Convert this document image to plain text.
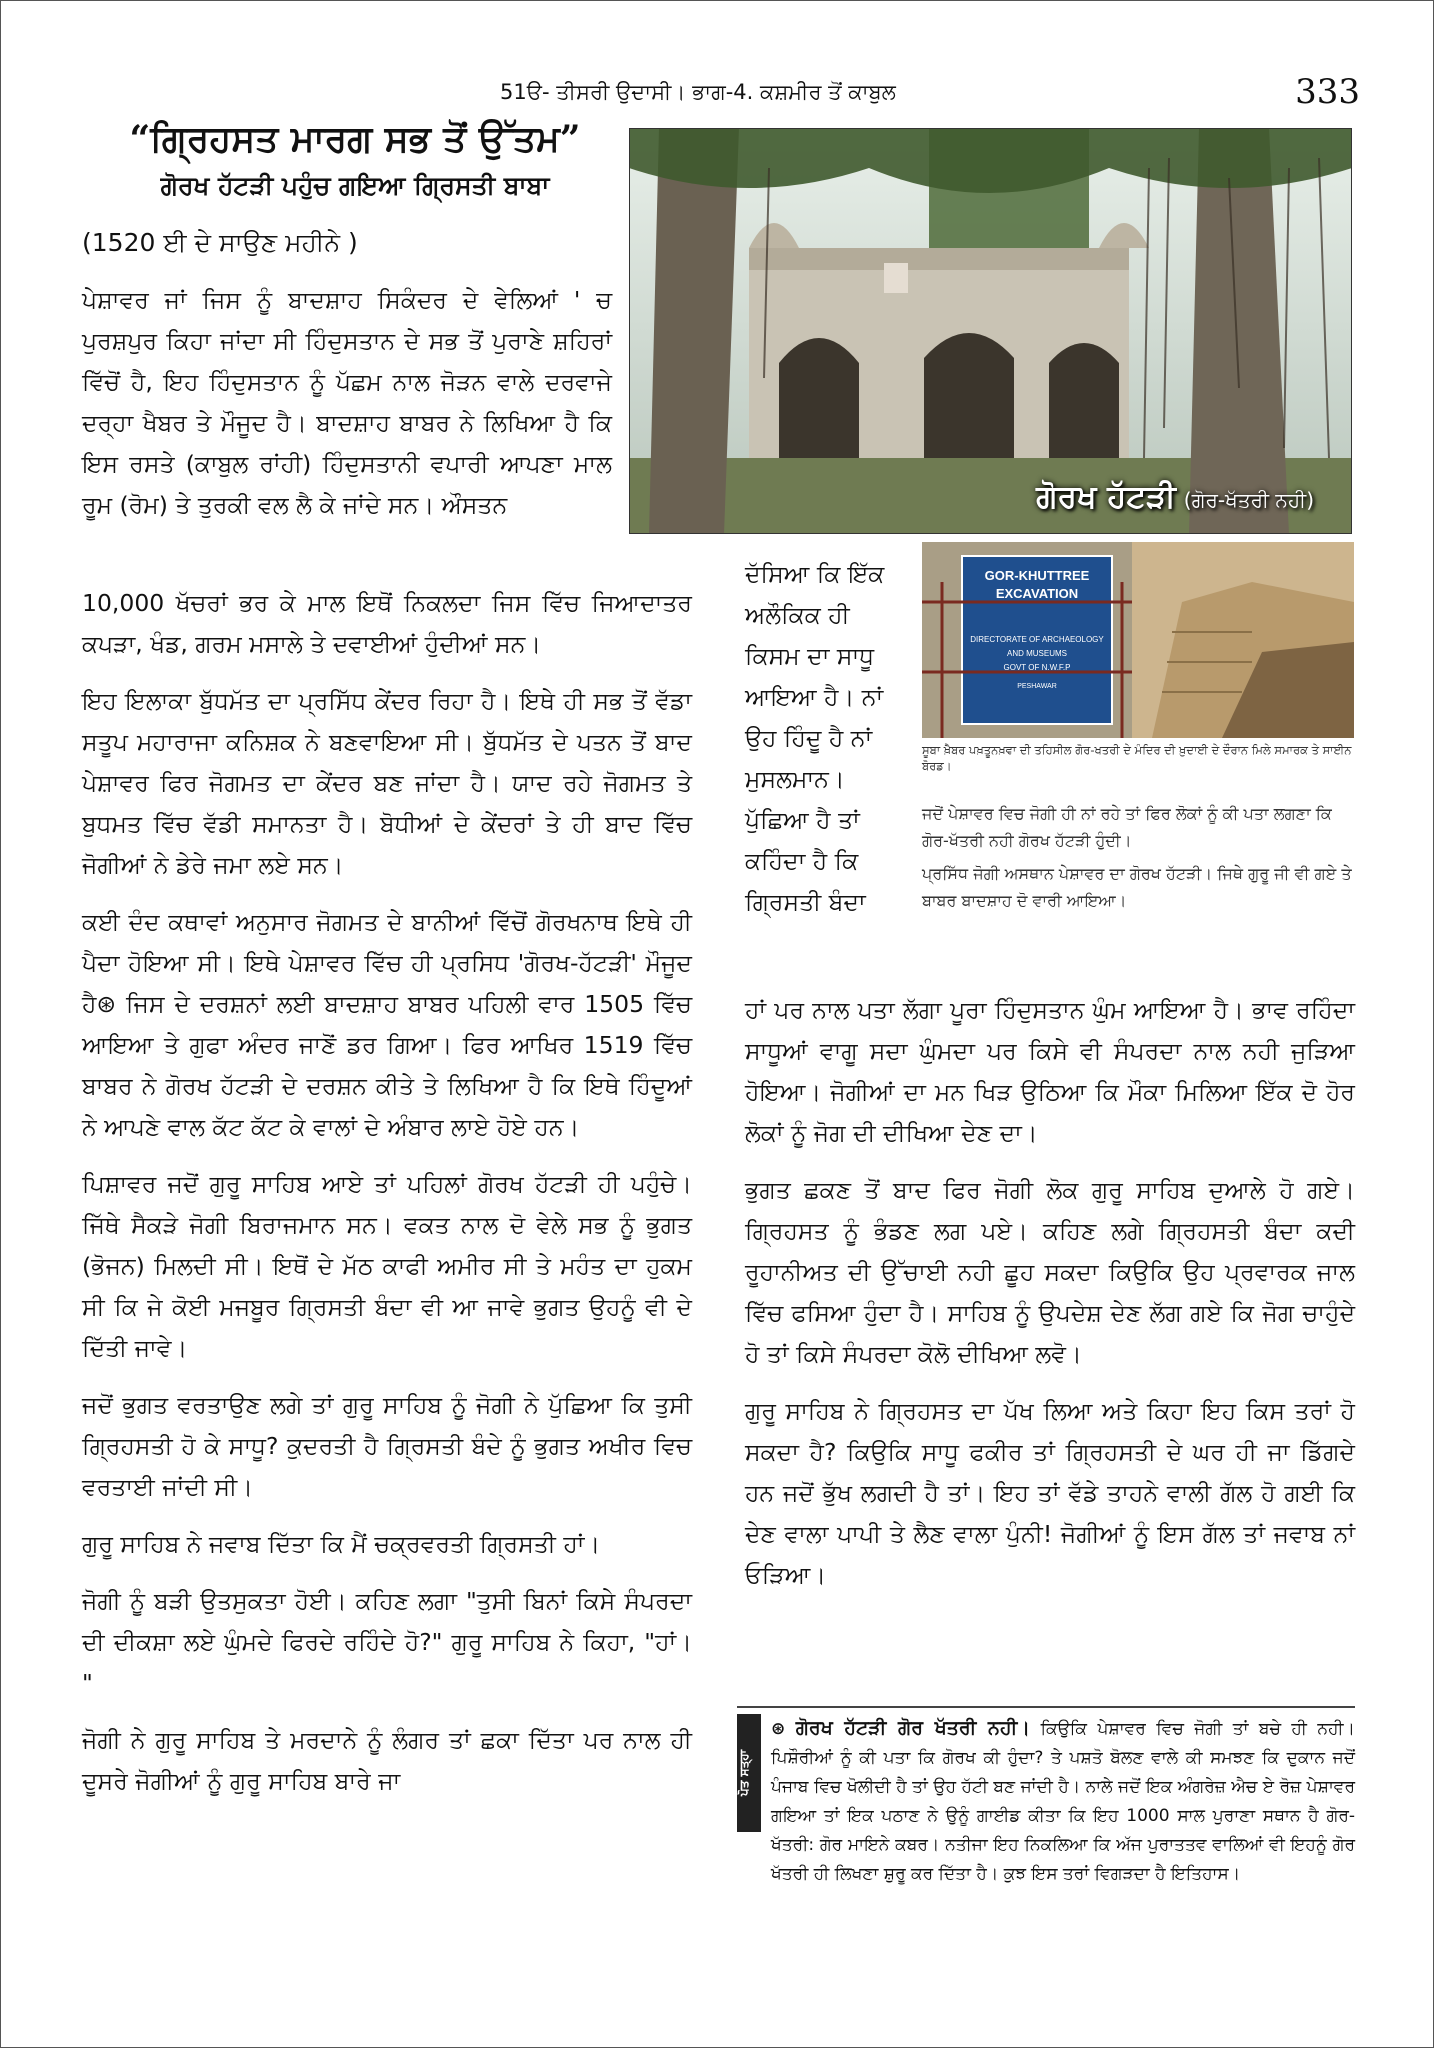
51ੳ- ਤੀਸਰੀ ਉਦਾਸੀ। ਭਾਗ-4. ਕਸ਼ਮੀਰ ਤੋਂ ਕਾਬੁਲ	333
“ਗ੍ਰਿਹਸਤ ਮਾਰਗ ਸਭ ਤੋਂ ਉੱਤਮ”
ਗੋਰਖ ਹੱਟੜੀ ਪਹੁੰਚ ਗਇਆ ਗ੍ਰਿਸਤੀ ਬਾਬਾ

(1520 ਈ ਦੇ ਸਾਉਣ ਮਹੀਨੇ )

ਪੇਸ਼ਾਵਰ ਜਾਂ ਜਿਸ ਨੂੰ ਬਾਦਸ਼ਾਹ ਸਿਕੰਦਰ ਦੇ ਵੇਲਿਆਂ ' ਚ ਪੁਰਸ਼ਪੁਰ ਕਿਹਾ ਜਾਂਦਾ ਸੀ ਹਿੰਦੁਸਤਾਨ ਦੇ ਸਭ ਤੋਂ ਪੁਰਾਣੇ ਸ਼ਹਿਰਾਂ ਵਿੱਚੋਂ ਹੈ, ਇਹ ਹਿੰਦੁਸਤਾਨ ਨੂੰ ਪੱਛਮ ਨਾਲ ਜੋੜਨ ਵਾਲੇ ਦਰਵਾਜੇ ਦਰ੍ਹਾ ਖੈਬਰ ਤੇ ਮੌਜੂਦ ਹੈ। ਬਾਦਸ਼ਾਹ ਬਾਬਰ ਨੇ ਲਿਖਿਆ ਹੈ ਕਿ ਇਸ ਰਸਤੇ (ਕਾਬੁਲ ਰਾਂਹੀ) ਹਿੰਦੁਸਤਾਨੀ ਵਪਾਰੀ ਆਪਣਾ ਮਾਲ ਰੂਮ (ਰੋਮ) ਤੇ ਤੁਰਕੀ ਵਲ ਲੈ ਕੇ ਜਾਂਦੇ ਸਨ। ਔਸਤਨ

10,000 ਖੱਚਰਾਂ ਭਰ ਕੇ ਮਾਲ ਇਥੋਂ ਨਿਕਲਦਾ ਜਿਸ ਵਿੱਚ ਜਿਆਦਾਤਰ ਕਪੜਾ, ਖੰਡ, ਗਰਮ ਮਸਾਲੇ ਤੇ ਦਵਾਈਆਂ ਹੁੰਦੀਆਂ ਸਨ।

ਇਹ ਇਲਾਕਾ ਬੁੱਧਮੱਤ ਦਾ ਪ੍ਰਸਿੱਧ ਕੇਂਦਰ ਰਿਹਾ ਹੈ। ਇਥੇ ਹੀ ਸਭ ਤੋਂ ਵੱਡਾ ਸਤੂਪ ਮਹਾਰਾਜਾ ਕਨਿਸ਼ਕ ਨੇ ਬਣਵਾਇਆ ਸੀ। ਬੁੱਧਮੱਤ ਦੇ ਪਤਨ ਤੋਂ ਬਾਦ ਪੇਸ਼ਾਵਰ ਫਿਰ ਜੋਗਮਤ ਦਾ ਕੇਂਦਰ ਬਣ ਜਾਂਦਾ ਹੈ। ਯਾਦ ਰਹੇ ਜੋਗਮਤ ਤੇ ਬੁਧਮਤ ਵਿੱਚ ਵੱਡੀ ਸਮਾਨਤਾ ਹੈ। ਬੋਧੀਆਂ ਦੇ ਕੇਂਦਰਾਂ ਤੇ ਹੀ ਬਾਦ ਵਿੱਚ ਜੋਗੀਆਂ ਨੇ ਡੇਰੇ ਜਮਾ ਲਏ ਸਨ।

ਕਈ ਦੰਦ ਕਥਾਵਾਂ ਅਨੁਸਾਰ ਜੋਗਮਤ ਦੇ ਬਾਨੀਆਂ ਵਿੱਚੋਂ ਗੋਰਖਨਾਥ ਇਥੇ ਹੀ ਪੈਦਾ ਹੋਇਆ ਸੀ। ਇਥੇ ਪੇਸ਼ਾਵਰ ਵਿੱਚ ਹੀ ਪ੍ਰਸਿਧ 'ਗੋਰਖ-ਹੱਟੜੀ' ਮੌਜੂਦ ਹੈ⊛ ਜਿਸ ਦੇ ਦਰਸ਼ਨਾਂ ਲਈ ਬਾਦਸ਼ਾਹ ਬਾਬਰ ਪਹਿਲੀ ਵਾਰ 1505 ਵਿੱਚ ਆਇਆ ਤੇ ਗੁਫਾ ਅੰਦਰ ਜਾਣੋਂ ਡਰ ਗਿਆ। ਫਿਰ ਆਖਿਰ 1519 ਵਿੱਚ ਬਾਬਰ ਨੇ ਗੋਰਖ ਹੱਟੜੀ ਦੇ ਦਰਸ਼ਨ ਕੀਤੇ ਤੇ ਲਿਖਿਆ ਹੈ ਕਿ ਇਥੇ ਹਿੰਦੂਆਂ ਨੇ ਆਪਣੇ ਵਾਲ ਕੱਟ ਕੱਟ ਕੇ ਵਾਲਾਂ ਦੇ ਅੰਬਾਰ ਲਾਏ ਹੋਏ ਹਨ।

ਪਿਸ਼ਾਵਰ ਜਦੋਂ ਗੁਰੂ ਸਾਹਿਬ ਆਏ ਤਾਂ ਪਹਿਲਾਂ ਗੋਰਖ ਹੱਟੜੀ ਹੀ ਪਹੁੰਚੇ। ਜਿੱਥੇ ਸੈਕੜੇ ਜੋਗੀ ਬਿਰਾਜਮਾਨ ਸਨ। ਵਕਤ ਨਾਲ ਦੋ ਵੇਲੇ ਸਭ ਨੂੰ ਭੁਗਤ (ਭੋਜਨ) ਮਿਲਦੀ ਸੀ। ਇਥੋਂ ਦੇ ਮੱਠ ਕਾਫੀ ਅਮੀਰ ਸੀ ਤੇ ਮਹੰਤ ਦਾ ਹੁਕਮ ਸੀ ਕਿ ਜੇ ਕੋਈ ਮਜਬੂਰ ਗ੍ਰਿਸਤੀ ਬੰਦਾ ਵੀ ਆ ਜਾਵੇ ਭੁਗਤ ਉਹਨੂੰ ਵੀ ਦੇ ਦਿੱਤੀ ਜਾਵੇ।

ਜਦੋਂ ਭੁਗਤ ਵਰਤਾਉਣ ਲਗੇ ਤਾਂ ਗੁਰੂ ਸਾਹਿਬ ਨੂੰ ਜੋਗੀ ਨੇ ਪੁੱਛਿਆ ਕਿ ਤੁਸੀ ਗ੍ਰਿਹਸਤੀ ਹੋ ਕੇ ਸਾਧੂ? ਕੁਦਰਤੀ ਹੈ ਗ੍ਰਿਸਤੀ ਬੰਦੇ ਨੂੰ ਭੁਗਤ ਅਖੀਰ ਵਿਚ ਵਰਤਾਈ ਜਾਂਦੀ ਸੀ।

ਗੁਰੂ ਸਾਹਿਬ ਨੇ ਜਵਾਬ ਦਿੱਤਾ ਕਿ ਮੈਂ ਚਕ੍ਰਵਰਤੀ ਗ੍ਰਿਸਤੀ ਹਾਂ।

ਜੋਗੀ ਨੂੰ ਬੜੀ ਉਤਸੁਕਤਾ ਹੋਈ। ਕਹਿਣ ਲਗਾ "ਤੁਸੀ ਬਿਨਾਂ ਕਿਸੇ ਸੰਪਰਦਾ ਦੀ ਦੀਕਸ਼ਾ ਲਏ ਘੁੰਮਦੇ ਫਿਰਦੇ ਰਹਿੰਦੇ ਹੋ?" ਗੁਰੂ ਸਾਹਿਬ ਨੇ ਕਿਹਾ, "ਹਾਂ। "

ਜੋਗੀ ਨੇ ਗੁਰੂ ਸਾਹਿਬ ਤੇ ਮਰਦਾਨੇ ਨੂੰ ਲੰਗਰ ਤਾਂ ਛਕਾ ਦਿੱਤਾ ਪਰ ਨਾਲ ਹੀ ਦੂਸਰੇ ਜੋਗੀਆਂ ਨੂੰ ਗੁਰੂ ਸਾਹਿਬ ਬਾਰੇ ਜਾ

ਗੋਰਖ ਹੱਟੜੀ (ਗੋਰ-ਖੱਤਰੀ ਨਹੀ)

ਦੱਸਿਆ ਕਿ ਇੱਕ ਅਲੌਕਿਕ ਹੀ ਕਿਸਮ ਦਾ ਸਾਧੂ ਆਇਆ ਹੈ। ਨਾਂ ਉਹ ਹਿੰਦੂ ਹੈ ਨਾਂ ਮੁਸਲਮਾਨ। ਪੁੱਛਿਆ ਹੈ ਤਾਂ ਕਹਿੰਦਾ ਹੈ ਕਿ ਗ੍ਰਿਸਤੀ ਬੰਦਾ

GOR-KHUTTREE
EXCAVATION
DIRECTORATE OF ARCHAEOLOGY
AND MUSEUMS
GOVT OF N.W.F.P
PESHAWAR
ਸੂਬਾ ਖ਼ੈਬਰ ਪਖ਼ਤੂਨਖ਼ਵਾ ਦੀ ਤਹਿਸੀਲ ਗੋਰ-ਖਤਰੀ ਦੇ ਮੰਦਿਰ ਦੀ ਖ਼ੁਦਾਈ ਦੇ ਦੌਰਾਨ ਮਿਲੇ ਸਮਾਰਕ ਤੇ ਸਾਈਨ ਬੋਰਡ।

ਜਦੋਂ ਪੇਸ਼ਾਵਰ ਵਿਚ ਜੋਗੀ ਹੀ ਨਾਂ ਰਹੇ ਤਾਂ ਫਿਰ ਲੋਕਾਂ ਨੂੰ ਕੀ ਪਤਾ ਲਗਣਾ ਕਿ ਗੋਰ-ਖੱਤਰੀ ਨਹੀ ਗੋਰਖ ਹੱਟੜੀ ਹੁੰਦੀ।

ਪ੍ਰਸਿੱਧ ਜੋਗੀ ਅਸਥਾਨ ਪੇਸ਼ਾਵਰ ਦਾ ਗੋਰਖ ਹੱਟੜੀ। ਜਿਥੇ ਗੁਰੂ ਜੀ ਵੀ ਗਏ ਤੇ ਬਾਬਰ ਬਾਦਸ਼ਾਹ ਦੋ ਵਾਰੀ ਆਇਆ।

ਹਾਂ ਪਰ ਨਾਲ ਪਤਾ ਲੱਗਾ ਪੂਰਾ ਹਿੰਦੁਸਤਾਨ ਘੁੰਮ ਆਇਆ ਹੈ। ਭਾਵ ਰਹਿੰਦਾ ਸਾਧੂਆਂ ਵਾਗੂ ਸਦਾ ਘੁੰਮਦਾ ਪਰ ਕਿਸੇ ਵੀ ਸੰਪਰਦਾ ਨਾਲ ਨਹੀ ਜੁੜਿਆ ਹੋਇਆ। ਜੋਗੀਆਂ ਦਾ ਮਨ ਖਿੜ ਉਠਿਆ ਕਿ ਮੌਕਾ ਮਿਲਿਆ ਇੱਕ ਦੋ ਹੋਰ ਲੋਕਾਂ ਨੂੰ ਜੋਗ ਦੀ ਦੀਖਿਆ ਦੇਣ ਦਾ।

ਭੁਗਤ ਛਕਣ ਤੋਂ ਬਾਦ ਫਿਰ ਜੋਗੀ ਲੋਕ ਗੁਰੂ ਸਾਹਿਬ ਦੁਆਲੇ ਹੋ ਗਏ। ਗ੍ਰਿਹਸਤ ਨੂੰ ਭੰਡਣ ਲਗ ਪਏ। ਕਹਿਣ ਲਗੇ ਗ੍ਰਿਹਸਤੀ ਬੰਦਾ ਕਦੀ ਰੂਹਾਨੀਅਤ ਦੀ ਉੱਚਾਈ ਨਹੀ ਛੂਹ ਸਕਦਾ ਕਿਉਕਿ ਉਹ ਪ੍ਰਵਾਰਕ ਜਾਲ ਵਿੱਚ ਫਸਿਆ ਹੁੰਦਾ ਹੈ। ਸਾਹਿਬ ਨੂੰ ਉਪਦੇਸ਼ ਦੇਣ ਲੱਗ ਗਏ ਕਿ ਜੋਗ ਚਾਹੁੰਦੇ ਹੋ ਤਾਂ ਕਿਸੇ ਸੰਪਰਦਾ ਕੋਲੋ ਦੀਖਿਆ ਲਵੋ।

ਗੁਰੂ ਸਾਹਿਬ ਨੇ ਗ੍ਰਿਹਸਤ ਦਾ ਪੱਖ ਲਿਆ ਅਤੇ ਕਿਹਾ ਇਹ ਕਿਸ ਤਰਾਂ ਹੋ ਸਕਦਾ ਹੈ? ਕਿਉਕਿ ਸਾਧੂ ਫਕੀਰ ਤਾਂ ਗ੍ਰਿਹਸਤੀ ਦੇ ਘਰ ਹੀ ਜਾ ਡਿੱਗਦੇ ਹਨ ਜਦੋਂ ਭੁੱਖ ਲਗਦੀ ਹੈ ਤਾਂ। ਇਹ ਤਾਂ ਵੱਡੇ ਤਾਹਨੇ ਵਾਲੀ ਗੱਲ ਹੋ ਗਈ ਕਿ ਦੇਣ ਵਾਲਾ ਪਾਪੀ ਤੇ ਲੈਣ ਵਾਲਾ ਪੁੰਨੀ! ਜੋਗੀਆਂ ਨੂੰ ਇਸ ਗੱਲ ਤਾਂ ਜਵਾਬ ਨਾਂ ਓੜਿਆ।

ਪੋਤ ਸਤ੍ਹਾ
⊛ ਗੋਰਖ ਹੱਟੜੀ ਗੋਰ ਖੱਤਰੀ ਨਹੀ। ਕਿਉਕਿ ਪੇਸ਼ਾਵਰ ਵਿਚ ਜੋਗੀ ਤਾਂ ਬਚੇ ਹੀ ਨਹੀ। ਪਿਸ਼ੌਰੀਆਂ ਨੂੰ ਕੀ ਪਤਾ ਕਿ ਗੋਰਖ ਕੀ ਹੁੰਦਾ? ਤੇ ਪਸ਼ਤੋ ਬੋਲਣ ਵਾਲੇ ਕੀ ਸਮਝਣ ਕਿ ਦੁਕਾਨ ਜਦੋਂ ਪੰਜਾਬ ਵਿਚ ਖੋਲੀਦੀ ਹੈ ਤਾਂ ਉਹ ਹੱਟੀ ਬਣ ਜਾਂਦੀ ਹੈ। ਨਾਲੇ ਜਦੋਂ ਇਕ ਅੰਗਰੇਜ਼ ਐਚ ਏ ਰੋਜ਼ ਪੇਸ਼ਾਵਰ ਗਇਆ ਤਾਂ ਇਕ ਪਠਾਣ ਨੇ ਉਨੂੰ ਗਾਈਡ ਕੀਤਾ ਕਿ ਇਹ 1000 ਸਾਲ ਪੁਰਾਣਾ ਸਥਾਨ ਹੈ ਗੋਰ- ਖੱਤਰੀ: ਗੋਰ ਮਾਇਨੇ ਕਬਰ। ਨਤੀਜਾ ਇਹ ਨਿਕਲਿਆ ਕਿ ਅੱਜ ਪੁਰਾਤਤਵ ਵਾਲਿਆਂ ਵੀ ਇਹਨੂੰ ਗੋਰ ਖੱਤਰੀ ਹੀ ਲਿਖਣਾ ਸ਼ੁਰੂ ਕਰ ਦਿੱਤਾ ਹੈ। ਕੁਝ ਇਸ ਤਰਾਂ ਵਿਗੜਦਾ ਹੈ ਇਤਿਹਾਸ।
